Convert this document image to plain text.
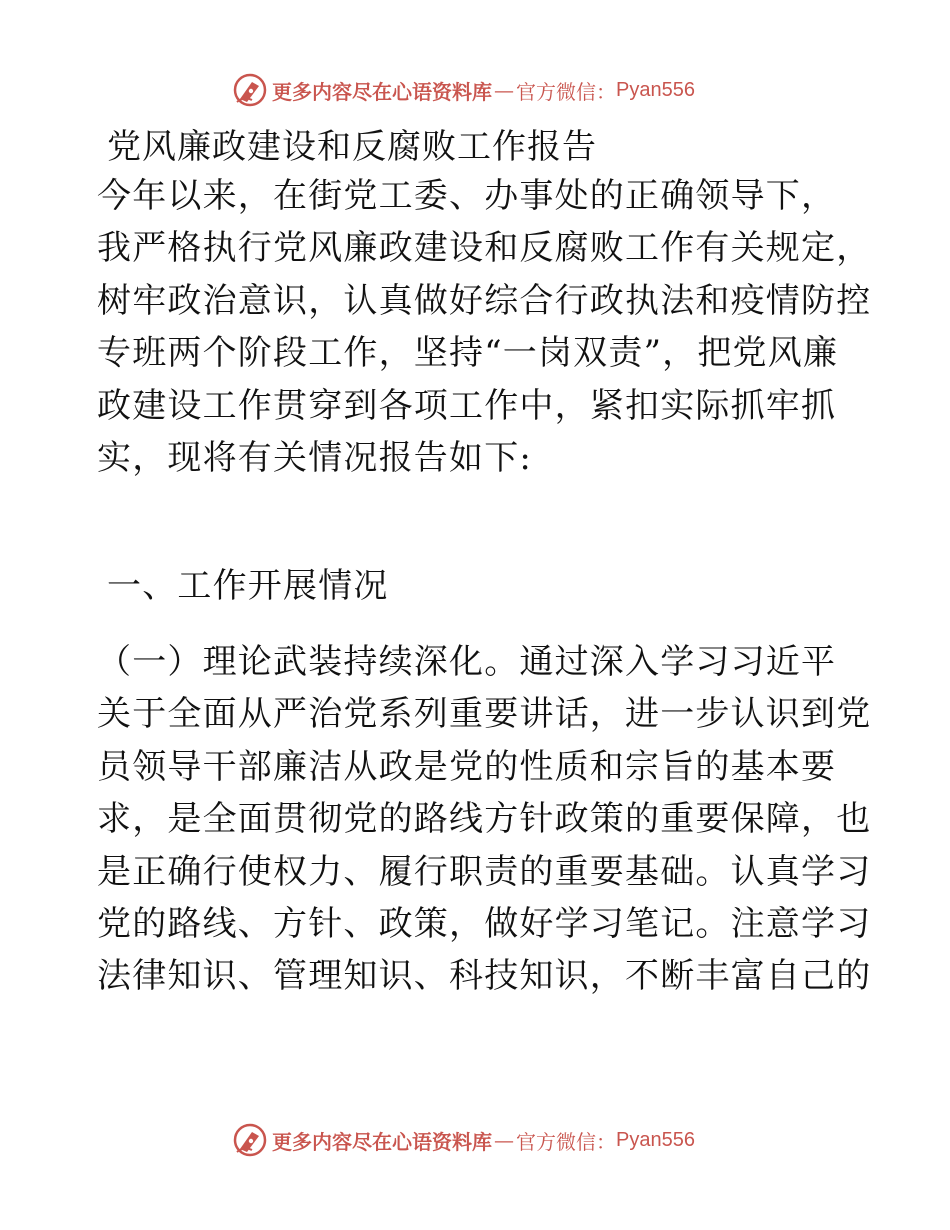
更多内容尽在心语资料库 — 官方微信： Pyan556
党风廉政建设和反腐败工作报告
今年以来，在街党工委、办事处的正确领导下，
我严格执行党风廉政建设和反腐败工作有关规定，
树牢政治意识，认真做好综合行政执法和疫情防控
专班两个阶段工作，坚持“一岗双责”，把党风廉
政建设工作贯穿到各项工作中，紧扣实际抓牢抓
实，现将有关情况报告如下:
一、工作开展情况
（一）理论武装持续深化。通过深入学习习近平
关于全面从严治党系列重要讲话，进一步认识到党
员领导干部廉洁从政是党的性质和宗旨的基本要
求，是全面贯彻党的路线方针政策的重要保障，也
是正确行使权力、履行职责的重要基础。认真学习
党的路线、方针、政策，做好学习笔记。注意学习
法律知识、管理知识、科技知识，不断丰富自己的
更多内容尽在心语资料库 — 官方微信： Pyan556
